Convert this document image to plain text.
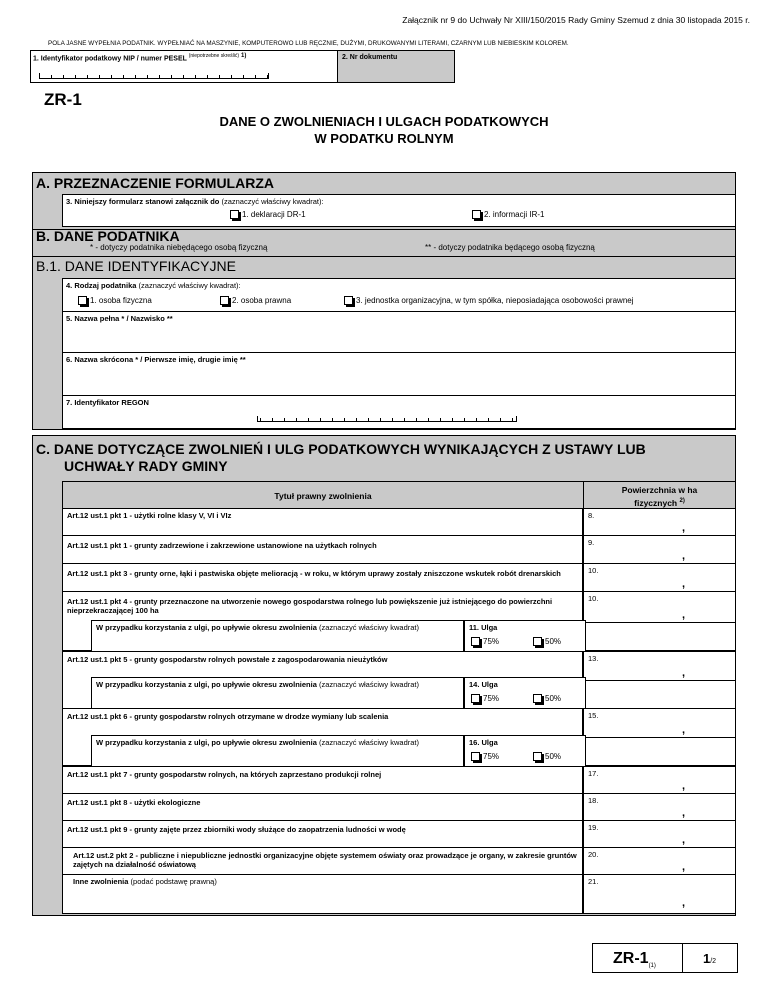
Załącznik nr 9 do Uchwały Nr XIII/150/2015 Rady Gminy Szemud z dnia 30 listopada 2015 r.
POLA JASNE WYPEŁNIA PODATNIK. WYPEŁNIAĆ NA MASZYNIE, KOMPUTEROWO LUB RĘCZNIE, DUŻYMI, DRUKOWANYMI LITERAMI, CZARNYM LUB NIEBIESKIM KOLOREM.
1. Identyfikator podatkowy NIP / numer PESEL $^{(niepotrzebne skreślić)}$ $^{1)}$	2. Nr dokumentu
ZR-1
DANE O ZWOLNIENIACH I ULGACH PODATKOWYCH
W PODATKU ROLNYM
A. PRZEZNACZENIE FORMULARZA
3. Niniejszy formularz stanowi załącznik do (zaznaczyć właściwy kwadrat):
1. deklaracji DR-1	2. informacji IR-1
B. DANE PODATNIKA
* - dotyczy podatnika niebędącego osobą fizyczną	** - dotyczy podatnika będącego osobą fizyczną
B.1. DANE IDENTYFIKACYJNE
4. Rodzaj podatnika (zaznaczyć właściwy kwadrat):
1. osoba fizyczna	2. osoba prawna	3. jednostka organizacyjna, w tym spółka, nieposiadająca osobowości prawnej
5. Nazwa pełna * / Nazwisko **
6. Nazwa skrócona * / Pierwsze imię, drugie imię **
7. Identyfikator REGON
C. DANE DOTYCZĄCE ZWOLNIEŃ I ULG PODATKOWYCH WYNIKAJĄCYCH Z USTAWY LUB
UCHWAŁY RADY GMINY
Tytuł prawny zwolnienia
Powierzchnia w ha fizycznych $^{2)}$
Art.12 ust.1 pkt 1 - użytki rolne klasy V, VI i VIz	8.
,
Art.12 ust.1 pkt 1 - grunty zadrzewione i zakrzewione ustanowione na użytkach rolnych	9.
,
Art.12 ust.1 pkt 3 - grunty orne, łąki i pastwiska objęte melioracją - w roku, w którym uprawy zostały zniszczone wskutek robót drenarskich	10.
,
Art.12 ust.1 pkt 4 - grunty przeznaczone na utworzenie nowego gospodarstwa rolnego lub powiększenie już istniejącego do powierzchni nieprzekraczającej 100 ha
10.
,
W przypadku korzystania z ulgi, po upływie okresu zwolnienia (zaznaczyć właściwy kwadrat)	11. Ulga
75%	50%
Art.12 ust.1 pkt 5 - grunty gospodarstw rolnych powstałe z zagospodarowania nieużytków	13.
,
W przypadku korzystania z ulgi, po upływie okresu zwolnienia (zaznaczyć właściwy kwadrat)	14. Ulga
75%	50%
Art.12 ust.1 pkt 6 - grunty gospodarstw rolnych otrzymane w drodze wymiany lub scalenia	15.
,
W przypadku korzystania z ulgi, po upływie okresu zwolnienia (zaznaczyć właściwy kwadrat)	16. Ulga
75%	50%
Art.12 ust.1 pkt 7 - grunty gospodarstw rolnych, na których zaprzestano produkcji rolnej	17.
,
Art.12 ust.1 pkt 8 - użytki ekologiczne	18.
,
Art.12 ust.1 pkt 9 - grunty zajęte przez zbiorniki wody służące do zaopatrzenia ludności w wodę	19.
,
Art.12 ust.2 pkt 2 - publiczne i niepubliczne jednostki organizacyjne objęte systemem oświaty oraz prowadzące je organy, w zakresie gruntów zajętych na działalność oświatową
20.
,
Inne zwolnienia (podać podstawę prawną)	21.
,
$ZR-1_{(1)}$
1/2
